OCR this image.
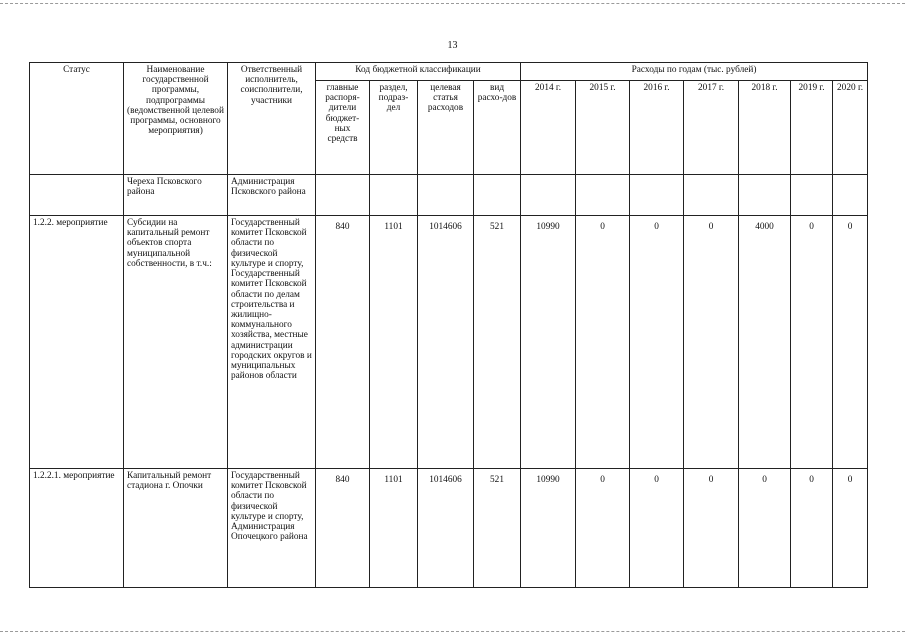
13
Статус	Наименование государственной программы, подпрограммы (ведомственной целевой программы, основного мероприятия)	Ответственный исполнитель, соисполнители, участники	Код бюджетной классификации				Расходы по годам (тыс. рублей)						
			главные распоря-дители бюджет-ных средств	раздел, подраз-дел	целевая статья расходов	вид расхо-дов	2014 г.	2015 г.	2016 г.	2017 г.	2018 г.	2019 г.	2020 г.
	Череха Псковского района	Администрация Псковского района											
1.2.2. мероприятие	Субсидии на капитальный ремонт объектов спорта муниципальной собственности, в т.ч.:	Государственный комитет Псковской области по физической культуре и спорту, Государственный комитет Псковской области по делам строительства и жилищно-коммунального хозяйства, местные администрации городских округов и муниципальных районов области	840	1101	1014606	521	10990	0	0	0	4000	0	0
1.2.2.1. мероприятие	Капитальный ремонт стадиона г. Опочки	Государственный комитет Псковской области по физической культуре и спорту, Администрация Опочецкого района	840	1101	1014606	521	10990	0	0	0	0	0	0
